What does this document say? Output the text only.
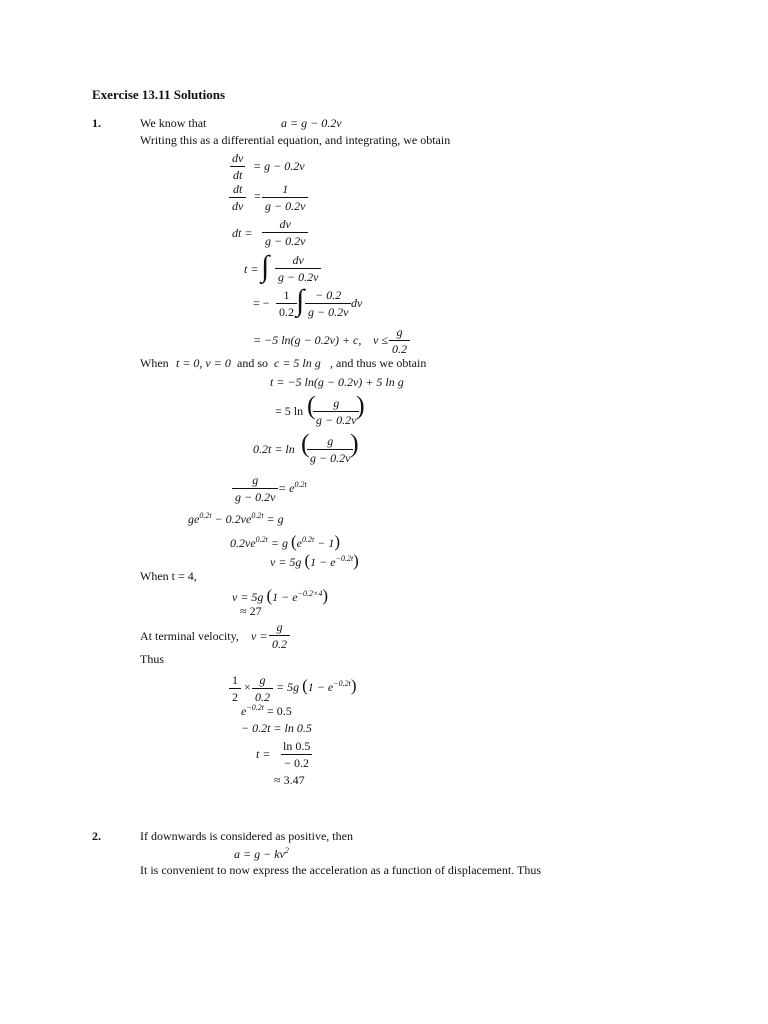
Exercise 13.11 Solutions
1.	We know that	a = g − 0.2v
Writing this as a differential equation, and integrating, we obtain
$\frac{dv}{dt} = g - 0.2v$
$\frac{dt}{dv} = \frac{1}{g - 0.2v}$
dt = $\frac{dv}{g - 0.2v}$
t = ∫ $\frac{dv}{g - 0.2v}$
= − $\frac{1}{0.2}$ ∫ $\frac{- 0.2}{g - 0.2v}$ dv
= −5 ln(g − 0.2v) + c, $v \le \frac{g}{0.2}$
When t = 0, v = 0 and so c = 5 ln g , and thus we obtain
t = −5 ln(g − 0.2v) + 5 ln g
= 5 ln (
$\frac{g}{g - 0.2v}$
)
0.2t = ln (
$\frac{g}{g - 0.2v}$
)
$\frac{g}{g - 0.2v} = e^{0.2t}$
$ge^{0.2t} - 0.2ve^{0.2t} = g$
$0.2ve^{0.2t} = g$ $(e^{0.2t} - 1)$
v = 5g $(1 - e^{-0.2t})$
When t = 4,
v = 5g $(1 - e^{-0.2\times 4})$
≈ 27
At terminal velocity, $v = \frac{g}{0.2}$
Thus
$\frac{1}{2} \times \frac{g}{0.2} = 5g$ $(1 - e^{-0.2t})$
$e^{-0.2t} = 0.5$
− 0.2t = ln 0.5
$t = \frac{\ln 0.5}{- 0.2}$
≈ 3.47
2.	If downwards is considered as positive, then
$a = g - kv^2$
It is convenient to now express the acceleration as a function of displacement. Thus
